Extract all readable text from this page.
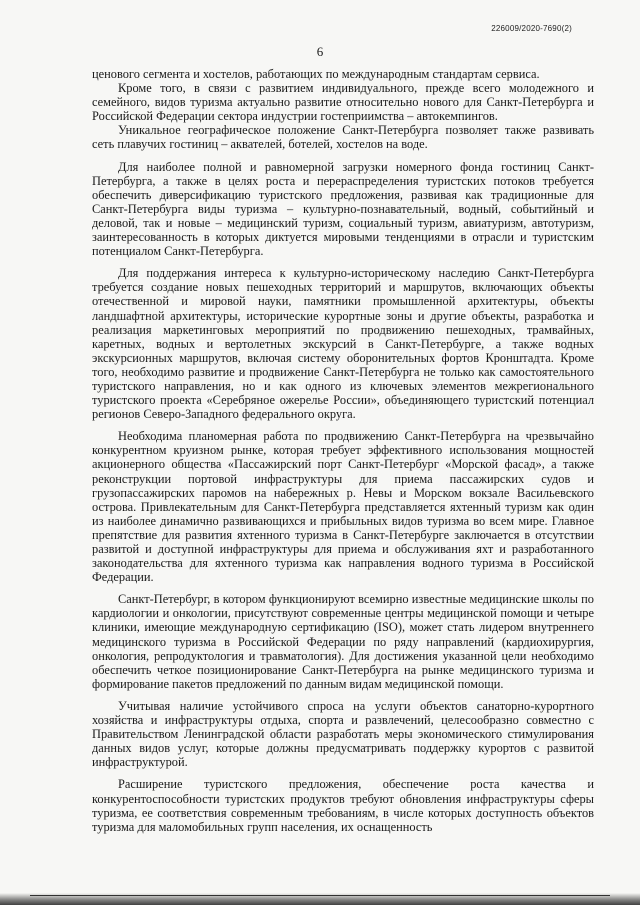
226009/2020-7690(2)
6

ценового сегмента и хостелов, работающих по международным стандартам сервиса.

Кроме того, в связи с развитием индивидуального, прежде всего молодежного и семейного, видов туризма актуально развитие относительно нового для Санкт-Петербурга и Российской Федерации сектора индустрии гостеприимства – автокемпингов.

Уникальное географическое положение Санкт-Петербурга позволяет также развивать сеть плавучих гостиниц – аквателей, ботелей, хостелов на воде.

Для наиболее полной и равномерной загрузки номерного фонда гостиниц Санкт-Петербурга, а также в целях роста и перераспределения туристских потоков требуется обеспечить диверсификацию туристского предложения, развивая как традиционные для Санкт-Петербурга виды туризма – культурно-познавательный, водный, событийный и деловой, так и новые – медицинский туризм, социальный туризм, авиатуризм, автотуризм, заинтересованность в которых диктуется мировыми тенденциями в отрасли и туристским потенциалом Санкт-Петербурга.

Для поддержания интереса к культурно-историческому наследию Санкт-Петербурга требуется создание новых пешеходных территорий и маршрутов, включающих объекты отечественной и мировой науки, памятники промышленной архитектуры, объекты ландшафтной архитектуры, исторические курортные зоны и другие объекты, разработка и реализация маркетинговых мероприятий по продвижению пешеходных, трамвайных, каретных, водных и вертолетных экскурсий в Санкт-Петербурге, а также водных экскурсионных маршрутов, включая систему оборонительных фортов Кронштадта. Кроме того, необходимо развитие и продвижение Санкт-Петербурга не только как самостоятельного туристского направления, но и как одного из ключевых элементов межрегионального туристского проекта «Серебряное ожерелье России», объединяющего туристский потенциал регионов Северо-Западного федерального округа.

Необходима планомерная работа по продвижению Санкт-Петербурга на чрезвычайно конкурентном круизном рынке, которая требует эффективного использования мощностей акционерного общества «Пассажирский порт Санкт-Петербург «Морской фасад», а также реконструкции портовой инфраструктуры для приема пассажирских судов и грузопассажирских паромов на набережных р. Невы и Морском вокзале Васильевского острова. Привлекательным для Санкт-Петербурга представляется яхтенный туризм как один из наиболее динамично развивающихся и прибыльных видов туризма во всем мире. Главное препятствие для развития яхтенного туризма в Санкт-Петербурге заключается в отсутствии развитой и доступной инфраструктуры для приема и обслуживания яхт и разработанного законодательства для яхтенного туризма как направления водного туризма в Российской Федерации.

Санкт-Петербург, в котором функционируют всемирно известные медицинские школы по кардиологии и онкологии, присутствуют современные центры медицинской помощи и четыре клиники, имеющие международную сертификацию (ISO), может стать лидером внутреннего медицинского туризма в Российской Федерации по ряду направлений (кардиохирургия, онкология, репродуктология и травматология). Для достижения указанной цели необходимо обеспечить четкое позиционирование Санкт-Петербурга на рынке медицинского туризма и формирование пакетов предложений по данным видам медицинской помощи.

Учитывая наличие устойчивого спроса на услуги объектов санаторно-курортного хозяйства и инфраструктуры отдыха, спорта и развлечений, целесообразно совместно с Правительством Ленинградской области разработать меры экономического стимулирования данных видов услуг, которые должны предусматривать поддержку курортов с развитой инфраструктурой.

Расширение туристского предложения, обеспечение роста качества и конкурентоспособности туристских продуктов требуют обновления инфраструктуры сферы туризма, ее соответствия современным требованиям, в числе которых доступность объектов туризма для маломобильных групп населения, их оснащенность
